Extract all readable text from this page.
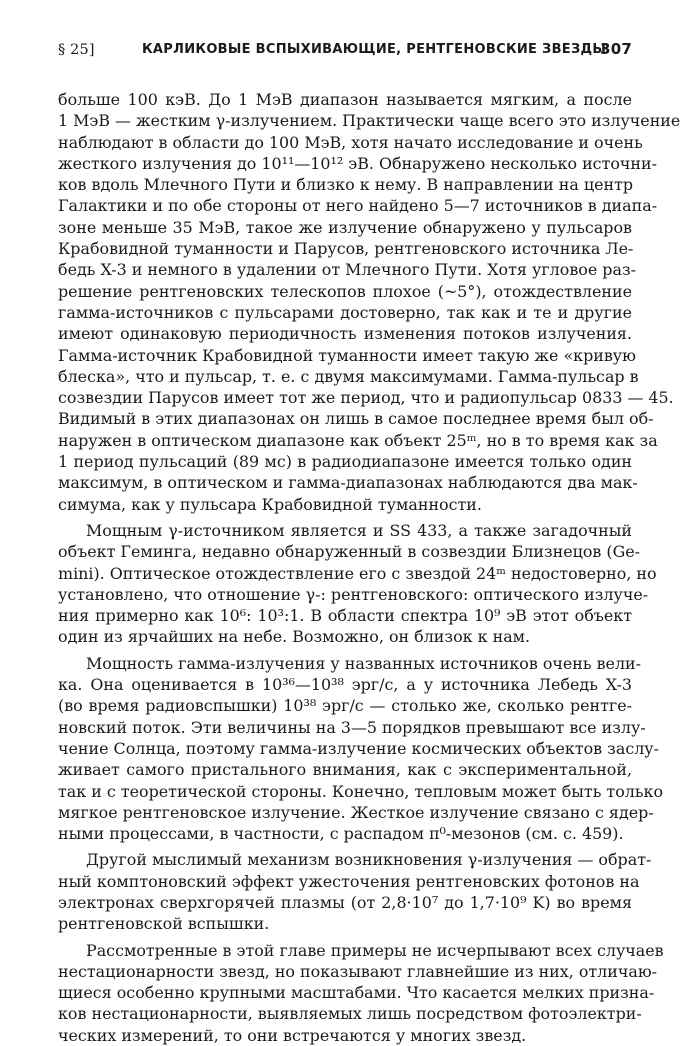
§ 25]	КАРЛИКОВЫЕ ВСПЫХИВАЮЩИЕ, РЕНТГЕНОВСКИЕ ЗВЕЗДЫ
307

больше 100 кэВ. До 1 МэВ диапазон называется мягким, а после
1 МэВ — жестким γ-излучением. Практически чаще всего это излучение
наблюдают в области до 100 МэВ, хотя начато исследование и очень
жесткого излучения до 10¹¹—10¹² эВ. Обнаружено несколько источни-
ков вдоль Млечного Пути и близко к нему. В направлении на центр
Галактики и по обе стороны от него найдено 5—7 источников в диапа-
зоне меньше 35 МэВ, такое же излучение обнаружено у пульсаров
Крабовидной туманности и Парусов, рентгеновского источника Ле-
бедь X-3 и немного в удалении от Млечного Пути. Хотя угловое раз-
решение рентгеновских телескопов плохое (~5°), отождествление
гамма-источников с пульсарами достоверно, так как и те и другие
имеют одинаковую периодичность изменения потоков излучения.
Гамма-источник Крабовидной туманности имеет такую же «кривую
блеска», что и пульсар, т. е. с двумя максимумами. Гамма-пульсар в
созвездии Парусов имеет тот же период, что и радиопульсар 0833 — 45.
Видимый в этих диапазонах он лишь в самое последнее время был об-
наружен в оптическом диапазоне как объект 25ᵐ, но в то время как за
1 период пульсаций (89 мс) в радиодиапазоне имеется только один
максимум, в оптическом и гамма-диапазонах наблюдаются два мак-
симума, как у пульсара Крабовидной туманности.

Мощным γ-источником является и SS 433, а также загадочный
объект Геминга, недавно обнаруженный в созвездии Близнецов (Ge-
mini). Оптическое отождествление его с звездой 24ᵐ недостоверно, но
установлено, что отношение γ-: рентгеновского: оптического излуче-
ния примерно как 10⁶: 10³:1. В области спектра 10⁹ эВ этот объект
один из ярчайших на небе. Возможно, он близок к нам.

Мощность гамма-излучения у названных источников очень вели-
ка. Она оценивается в 10³⁶—10³⁸ эрг/с, а у источника Лебедь X-3
(во время радиовспышки) 10³⁸ эрг/с — столько же, сколько рентге-
новский поток. Эти величины на 3—5 порядков превышают все излу-
чение Солнца, поэтому гамма-излучение космических объектов заслу-
живает самого пристального внимания, как с экспериментальной,
так и с теоретической стороны. Конечно, тепловым может быть только
мягкое рентгеновское излучение. Жесткое излучение связано с ядер-
ными процессами, в частности, с распадом π⁰-мезонов (см. с. 459).

Другой мыслимый механизм возникновения γ-излучения — обрат-
ный комптоновский эффект ужесточения рентгеновских фотонов на
электронах сверхгорячей плазмы (от 2,8·10⁷ до 1,7·10⁹ K) во время
рентгеновской вспышки.

Рассмотренные в этой главе примеры не исчерпывают всех случаев
нестационарности звезд, но показывают главнейшие из них, отличаю-
щиеся особенно крупными масштабами. Что касается мелких призна-
ков нестационарности, выявляемых лишь посредством фотоэлектри-
ческих измерений, то они встречаются у многих звезд.
